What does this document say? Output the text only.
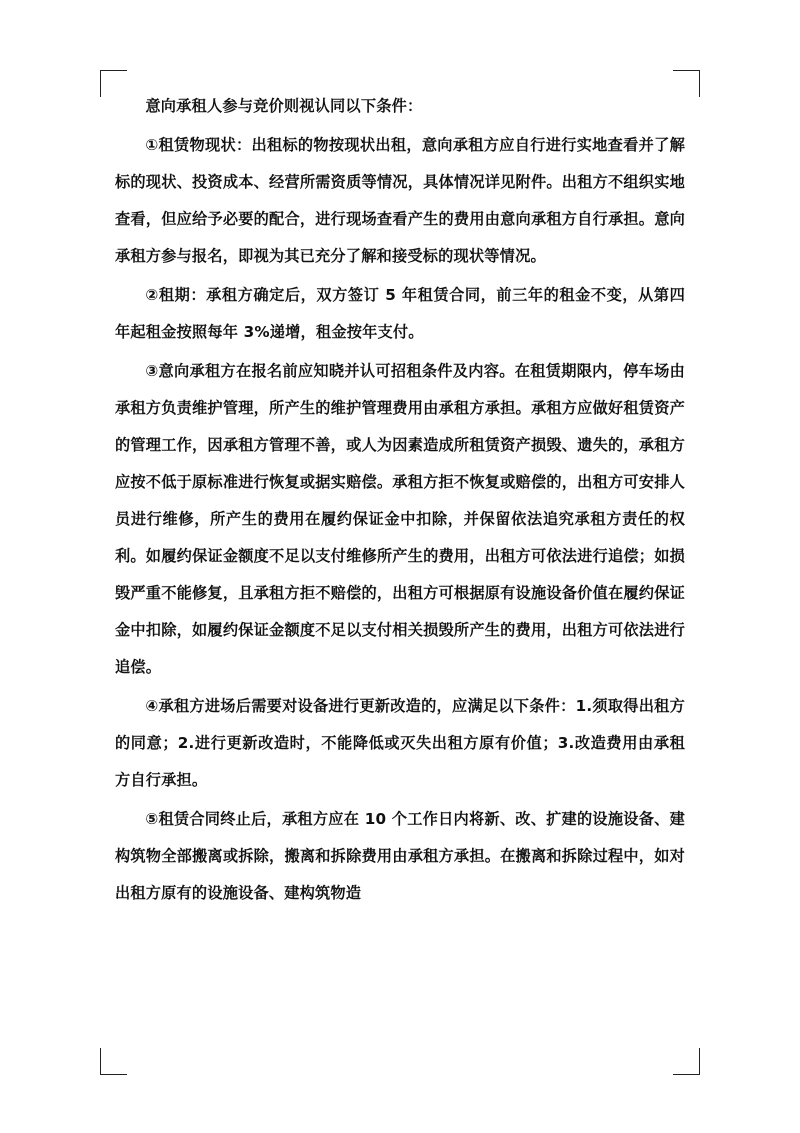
意向承租人参与竞价则视认同以下条件：

①租赁物现状：出租标的物按现状出租，意向承租方应自行进行实地查看并了解标的现状、投资成本、经营所需资质等情况，具体情况详见附件。出租方不组织实地查看，但应给予必要的配合，进行现场查看产生的费用由意向承租方自行承担。意向承租方参与报名，即视为其已充分了解和接受标的现状等情况。

②租期：承租方确定后，双方签订 5 年租赁合同，前三年的租金不变，从第四年起租金按照每年 3%递增，租金按年支付。

③意向承租方在报名前应知晓并认可招租条件及内容。在租赁期限内，停车场由承租方负责维护管理，所产生的维护管理费用由承租方承担。承租方应做好租赁资产的管理工作，因承租方管理不善，或人为因素造成所租赁资产损毁、遗失的，承租方应按不低于原标准进行恢复或据实赔偿。承租方拒不恢复或赔偿的，出租方可安排人员进行维修，所产生的费用在履约保证金中扣除，并保留依法追究承租方责任的权利。如履约保证金额度不足以支付维修所产生的费用，出租方可依法进行追偿；如损毁严重不能修复，且承租方拒不赔偿的，出租方可根据原有设施设备价值在履约保证金中扣除，如履约保证金额度不足以支付相关损毁所产生的费用，出租方可依法进行追偿。

④承租方进场后需要对设备进行更新改造的，应满足以下条件：1.须取得出租方的同意；2.进行更新改造时，不能降低或灭失出租方原有价值；3.改造费用由承租方自行承担。

⑤租赁合同终止后，承租方应在 10 个工作日内将新、改、扩建的设施设备、建构筑物全部搬离或拆除，搬离和拆除费用由承租方承担。在搬离和拆除过程中，如对出租方原有的设施设备、建构筑物造
